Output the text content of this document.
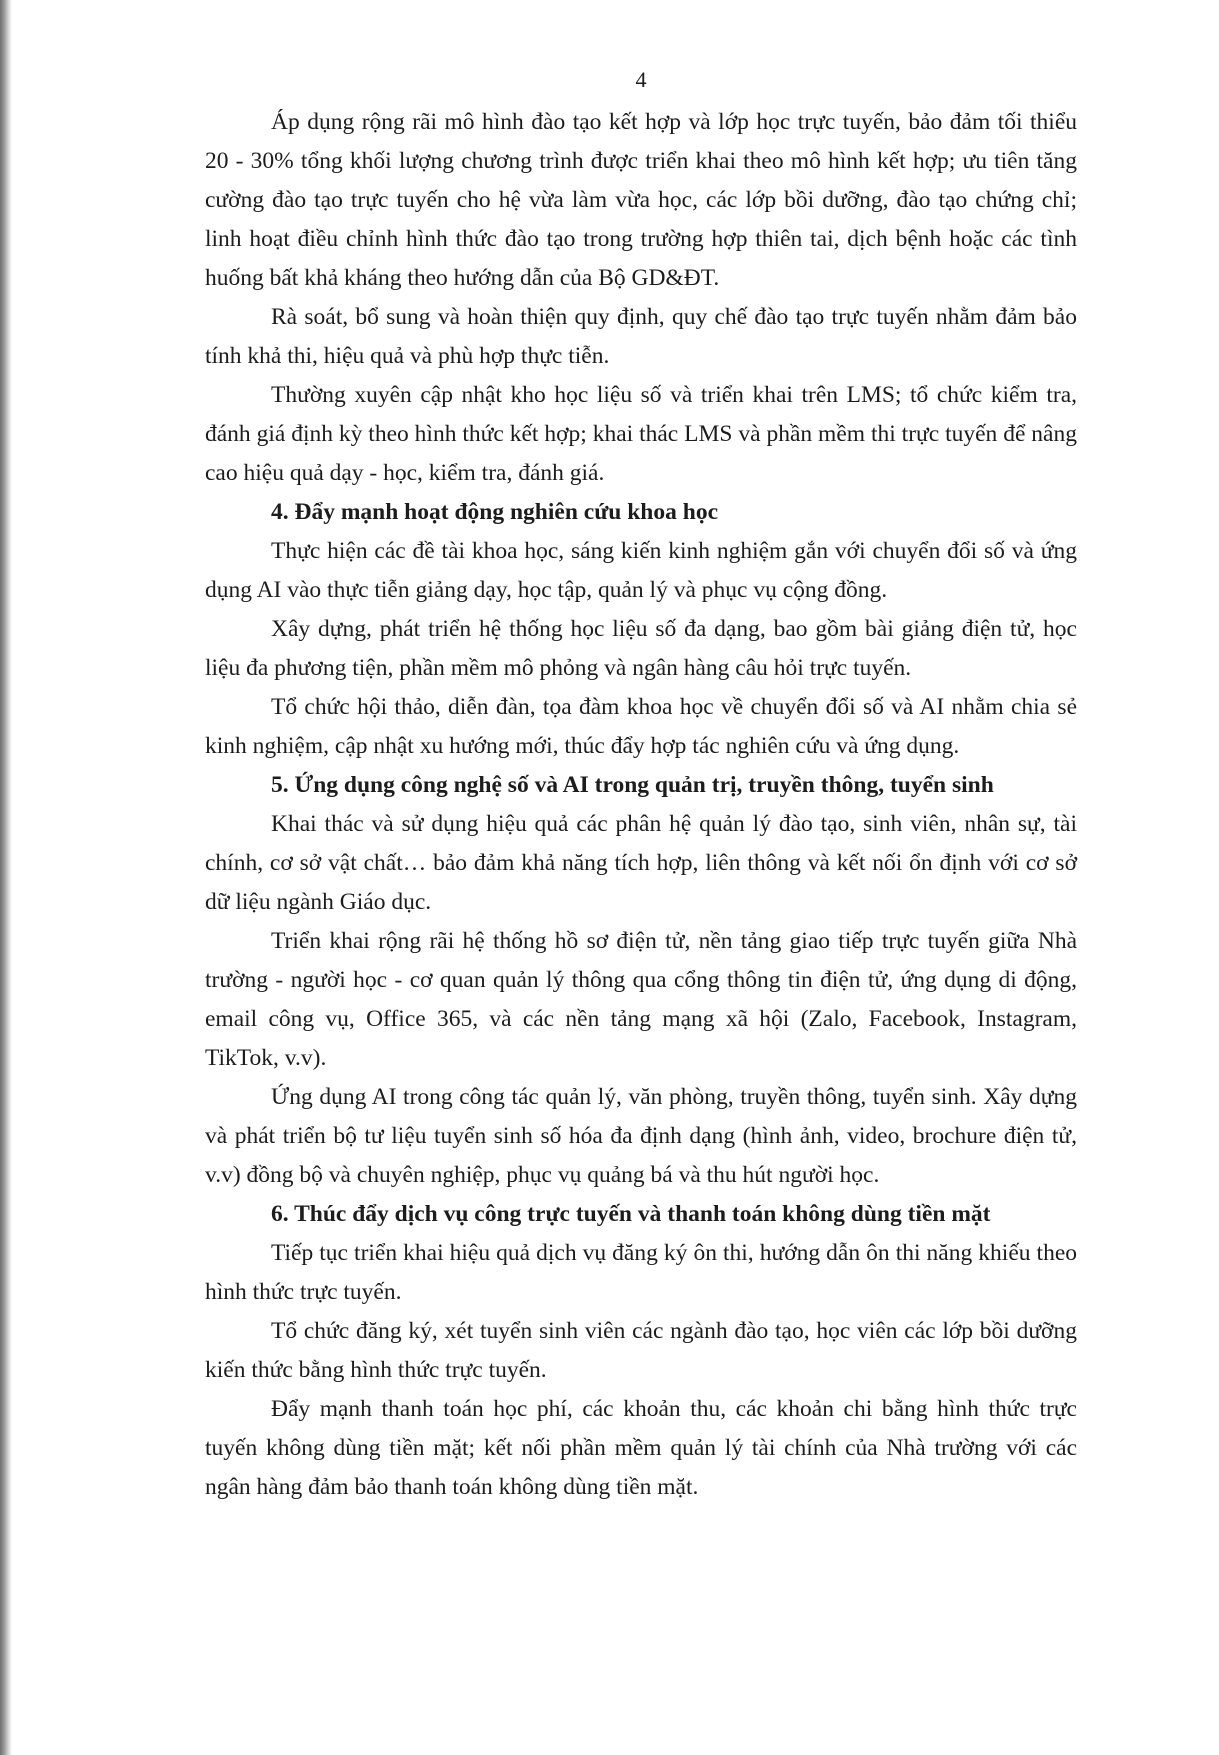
4

Áp dụng rộng rãi mô hình đào tạo kết hợp và lớp học trực tuyến, bảo đảm tối thiểu 20 - 30% tổng khối lượng chương trình được triển khai theo mô hình kết hợp; ưu tiên tăng cường đào tạo trực tuyến cho hệ vừa làm vừa học, các lớp bồi dưỡng, đào tạo chứng chỉ; linh hoạt điều chỉnh hình thức đào tạo trong trường hợp thiên tai, dịch bệnh hoặc các tình huống bất khả kháng theo hướng dẫn của Bộ GD&ĐT.

Rà soát, bổ sung và hoàn thiện quy định, quy chế đào tạo trực tuyến nhằm đảm bảo tính khả thi, hiệu quả và phù hợp thực tiễn.

Thường xuyên cập nhật kho học liệu số và triển khai trên LMS; tổ chức kiểm tra, đánh giá định kỳ theo hình thức kết hợp; khai thác LMS và phần mềm thi trực tuyến để nâng cao hiệu quả dạy - học, kiểm tra, đánh giá.

4. Đẩy mạnh hoạt động nghiên cứu khoa học

Thực hiện các đề tài khoa học, sáng kiến kinh nghiệm gắn với chuyển đổi số và ứng dụng AI vào thực tiễn giảng dạy, học tập, quản lý và phục vụ cộng đồng.

Xây dựng, phát triển hệ thống học liệu số đa dạng, bao gồm bài giảng điện tử, học liệu đa phương tiện, phần mềm mô phỏng và ngân hàng câu hỏi trực tuyến.

Tổ chức hội thảo, diễn đàn, tọa đàm khoa học về chuyển đổi số và AI nhằm chia sẻ kinh nghiệm, cập nhật xu hướng mới, thúc đẩy hợp tác nghiên cứu và ứng dụng.

5. Ứng dụng công nghệ số và AI trong quản trị, truyền thông, tuyển sinh

Khai thác và sử dụng hiệu quả các phân hệ quản lý đào tạo, sinh viên, nhân sự, tài chính, cơ sở vật chất… bảo đảm khả năng tích hợp, liên thông và kết nối ổn định với cơ sở dữ liệu ngành Giáo dục.

Triển khai rộng rãi hệ thống hồ sơ điện tử, nền tảng giao tiếp trực tuyến giữa Nhà trường - người học - cơ quan quản lý thông qua cổng thông tin điện tử, ứng dụng di động, email công vụ, Office 365, và các nền tảng mạng xã hội (Zalo, Facebook, Instagram, TikTok, v.v).

Ứng dụng AI trong công tác quản lý, văn phòng, truyền thông, tuyển sinh. Xây dựng và phát triển bộ tư liệu tuyển sinh số hóa đa định dạng (hình ảnh, video, brochure điện tử, v.v) đồng bộ và chuyên nghiệp, phục vụ quảng bá và thu hút người học.

6. Thúc đẩy dịch vụ công trực tuyến và thanh toán không dùng tiền mặt

Tiếp tục triển khai hiệu quả dịch vụ đăng ký ôn thi, hướng dẫn ôn thi năng khiếu theo hình thức trực tuyến.

Tổ chức đăng ký, xét tuyển sinh viên các ngành đào tạo, học viên các lớp bồi dưỡng kiến thức bằng hình thức trực tuyến.

Đẩy mạnh thanh toán học phí, các khoản thu, các khoản chi bằng hình thức trực tuyến không dùng tiền mặt; kết nối phần mềm quản lý tài chính của Nhà trường với các ngân hàng đảm bảo thanh toán không dùng tiền mặt.
